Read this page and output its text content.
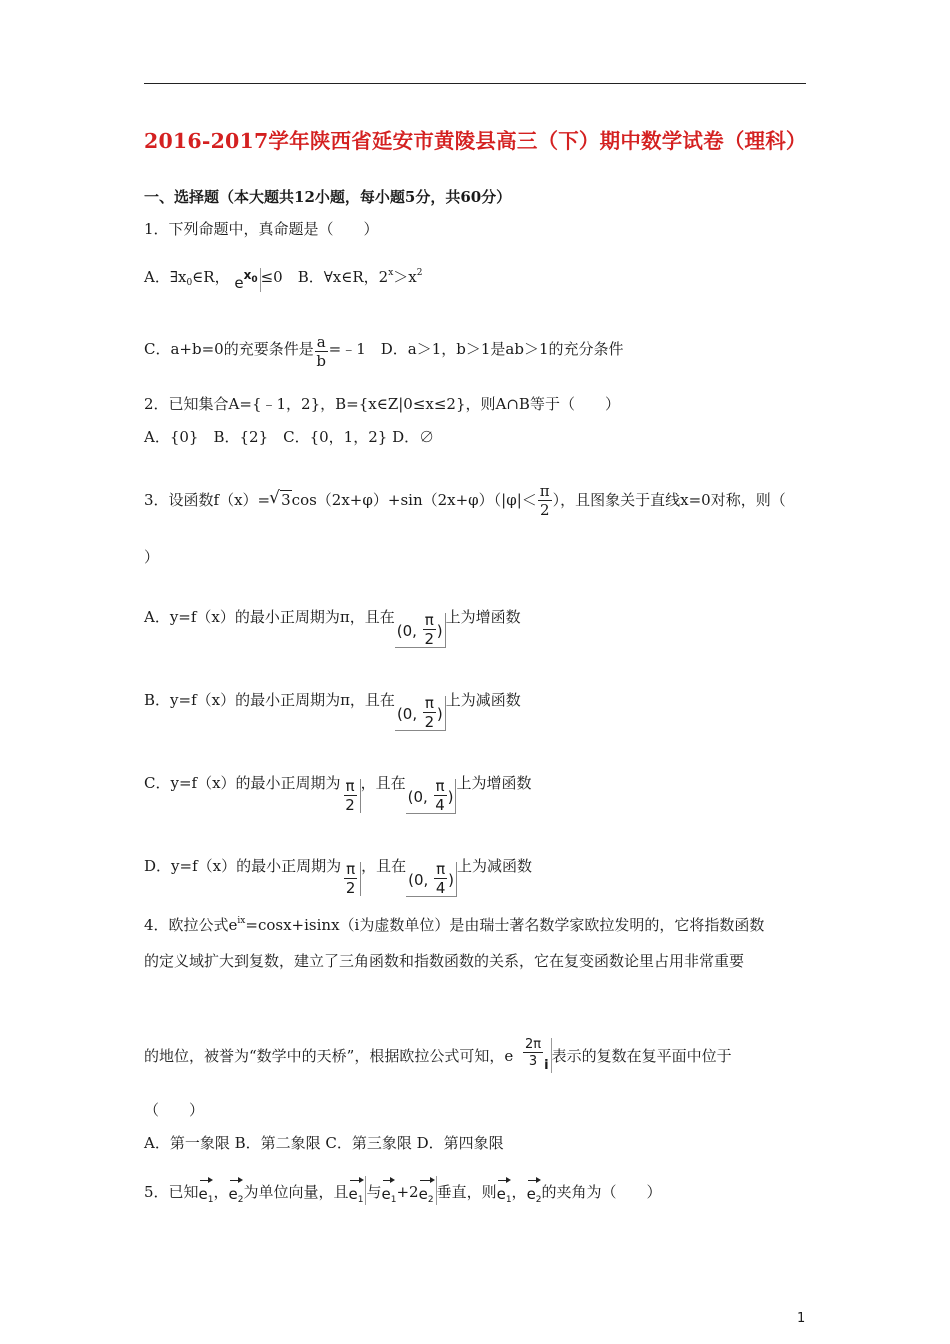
2016-2017学年陕西省延安市黄陵县高三（下）期中数学试卷（理科）
一、选择题（本大题共12小题，每小题5分，共60分）
1．下列命题中，真命题是（　　）
A．$\exists x_0\in R$， $e^x0 \le 0$　B．∀x∈R，$2^x>x^2$
C．a+b=0的充要条件是 $\frac{a}{b}$ =﹣1　D．a＞1，b＞1是ab＞1的充分条件
2．已知集合A={﹣1，2}，B={x∈Z|0≤x≤2}，则A∩B等于（　　）
A．{0}　B．{2}　C．{0，1，2} D．∅
3．设函数f（x）=√ $3\cos(2x+\varphi)+\sin(2x+\varphi)(|\varphi|< \frac{\pi}{2}$ ），且图象关于直线x=0对称，则（
）
A．y=f（x）的最小正周期为π，且在(0, $\frac{\pi}{2}$ )上为增函数
B．y=f（x）的最小正周期为π，且在(0, $\frac{\pi}{2}$ )上为减函数
C．y=f（x）的最小正周期为 $\frac{\pi}{2}$ ，且在(0, $\frac{\pi}{4}$ )上为增函数
D．y=f（x）的最小正周期为 $\frac{\pi}{2}$ ，且在(0, $\frac{\pi}{4}$ )上为减函数
4．欧拉公式$e^{ix}=\cos x+isinx(i$为虚数单位）是由瑞士著名数学家欧拉发明的，它将指数函数
的定义域扩大到复数，建立了三角函数和指数函数的关系，它在复变函数论里占用非常重要
的地位，被誉为“数学中的天桥”，根据欧拉公式可知，e $\frac{2\pi}{3}$ i表示的复数在复平面中位于
（　　）
A．第一象限 B．第二象限 C．第三象限 D．第四象限
5．已知$e_1$，$e_2$为单位向量，且$e_1$ 与$e_1+2e_2$ 垂直，则$e_1$，$e_2$的夹角为（　　）
1
